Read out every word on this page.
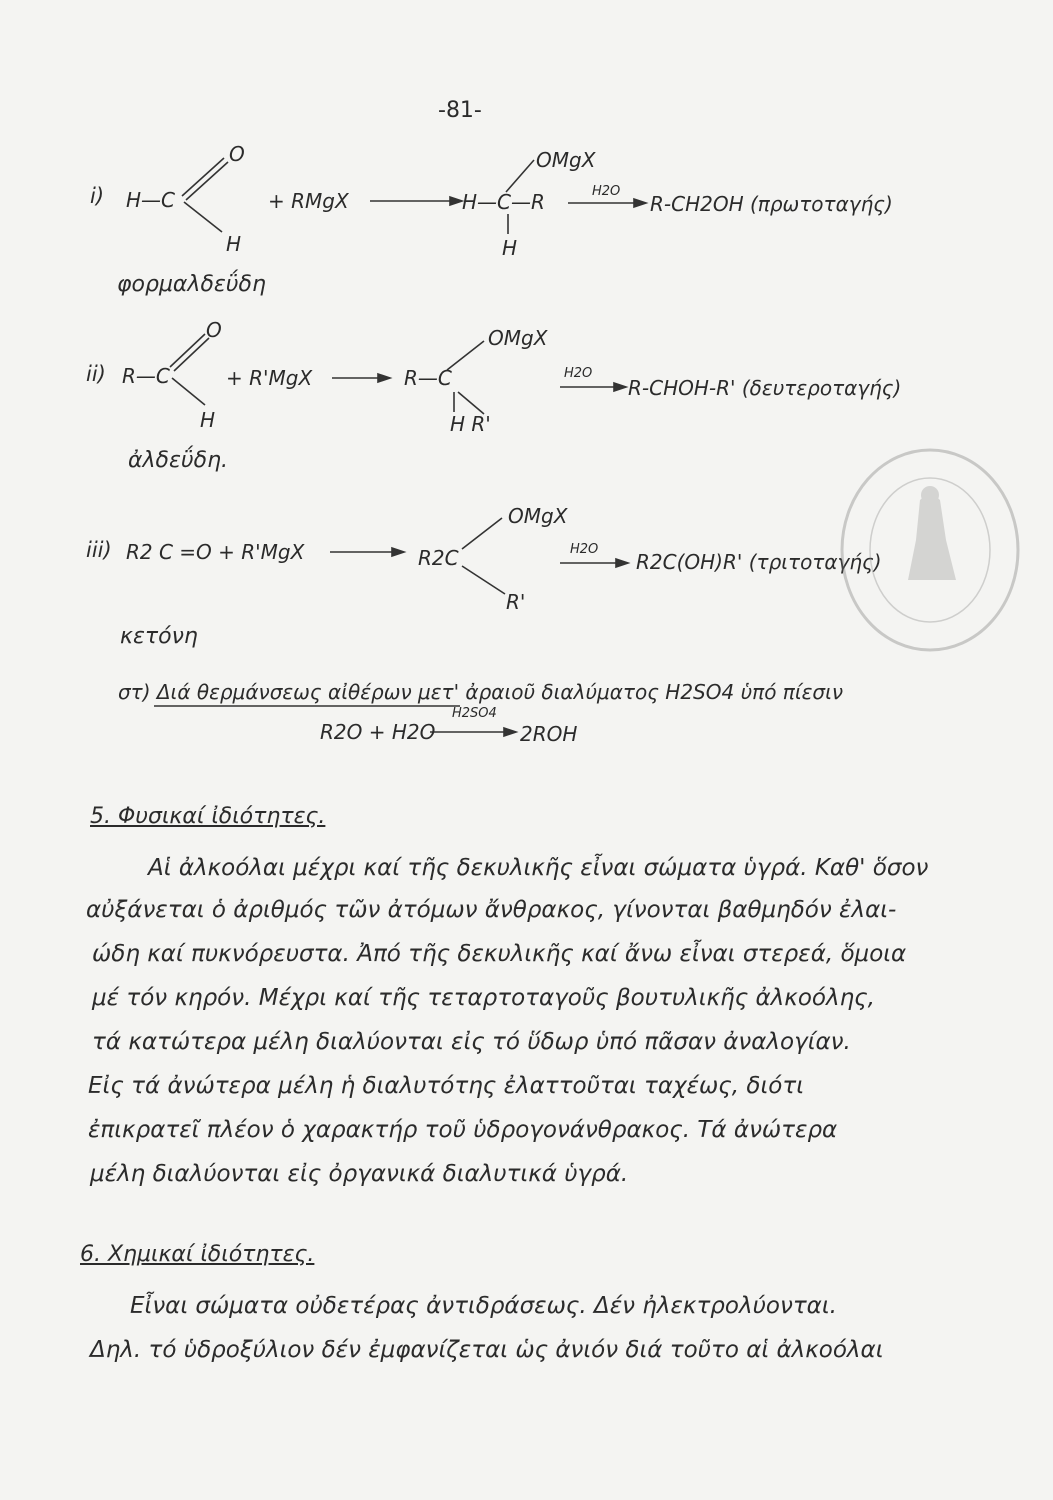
-81-
i)
O
H—C
H
+ RMgX
OMgX
H—C—R
H
H2O
R-CH2OH (πρωτοταγής)
φορμαλδεΰδη
ii)
O
R—C
H
+ R'MgX
OMgX
R—C
H R'
H2O
R-CHOH-R' (δευτεροταγής)
ἀλδεΰδη.
iii) R2 C =O + R'MgX
OMgX
R2C
R'
H2O
R2C(OH)R' (τριτοταγής)
κετόνη
στ) Διά θερμάνσεως αἰθέρων μετ' ἀραιοῦ διαλύματος H2SO4 ὑπό πίεσιν
R2O + H2O
H2SO4
2ROH
5. Φυσικαί ἰδιότητες.
Αἱ ἀλκοόλαι μέχρι καί τῆς δεκυλικῆς εἶναι σώματα ὑγρά. Καθ' ὅσον
αὐξάνεται ὁ ἀριθμός τῶν ἀτόμων ἄνθρακος, γίνονται βαθμηδόν ἐλαι-
ώδη καί πυκνόρευστα. Ἀπό τῆς δεκυλικῆς καί ἄνω εἶναι στερεά, ὅμοια
μέ τόν κηρόν. Μέχρι καί τῆς τεταρτοταγοῦς βουτυλικῆς ἀλκοόλης,
τά κατώτερα μέλη διαλύονται εἰς τό ὕδωρ ὑπό πᾶσαν ἀναλογίαν.
Εἰς τά ἀνώτερα μέλη ἡ διαλυτότης ἐλαττοῦται ταχέως, διότι
ἐπικρατεῖ πλέον ὁ χαρακτήρ τοῦ ὑδρογονάνθρακος. Τά ἀνώτερα
μέλη διαλύονται εἰς ὀργανικά διαλυτικά ὑγρά.
6. Χημικαί ἰδιότητες.
Εἶναι σώματα οὐδετέρας ἀντιδράσεως. Δέν ἠλεκτρολύονται.
Δηλ. τό ὑδροξύλιον δέν ἐμφανίζεται ὡς ἀνιόν διά τοῦτο αἱ ἀλκοόλαι
